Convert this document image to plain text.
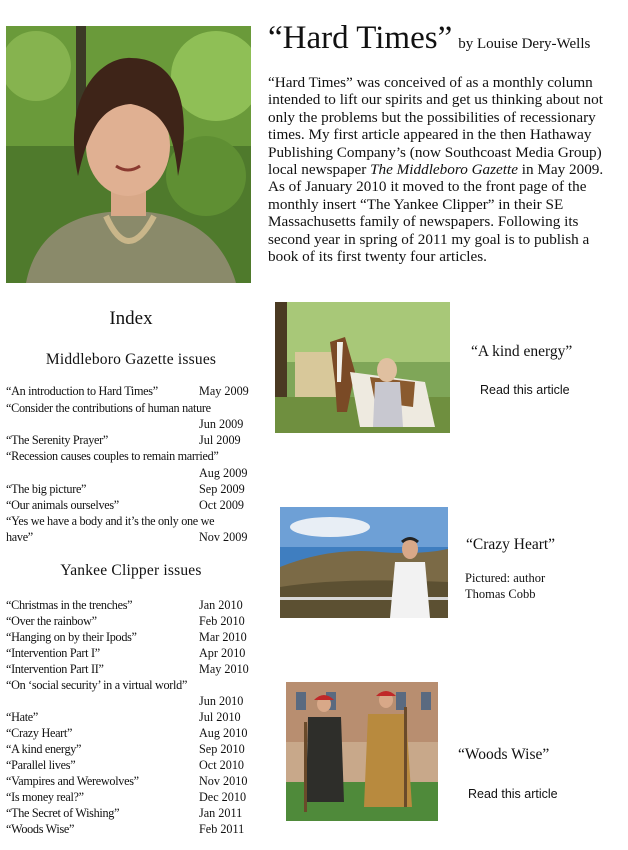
“Hard Times” by Louise Dery-Wells
“Hard Times” was conceived of as a monthly column intended to lift our spirits and get us thinking about not only the problems but the possibilities of recessionary times. My first article appeared in the then Hathaway Publishing Company’s (now Southcoast Media Group) local newspaper The Middleboro Gazette in May 2009. As of January 2010 it moved to the front page of the monthly insert “The Yankee Clipper” in their SE Massachusetts family of newspapers. Following its second year in spring of 2011 my goal is to publish a book of its first twenty four articles.
Index
Middleboro Gazette issues
“An introduction to Hard Times”	May 2009
“Consider the contributions of human nature
Jun 2009
“The Serenity Prayer”	Jul 2009
“Recession causes couples to remain married”
Aug 2009
“The big picture”	Sep 2009
“Our animals ourselves”	Oct 2009
“Yes we have a body and it’s the only one we
have”	Nov 2009
Yankee Clipper issues
“Christmas in the trenches”	Jan 2010
“Over the rainbow”	Feb 2010
“Hanging on by their Ipods”	Mar 2010
“Intervention Part I”	Apr 2010
“Intervention Part II”	May 2010
“On ‘social security’ in a virtual world”
Jun 2010
“Hate”	Jul 2010
“Crazy Heart”	Aug 2010
“A kind energy”	Sep 2010
“Parallel lives”	Oct 2010
“Vampires and Werewolves”	Nov 2010
“Is money real?”	Dec 2010
“The Secret of Wishing”	Jan 2011
“Woods Wise”	Feb 2011
“A kind energy”
Read this article
“Crazy Heart”
Pictured: author
Thomas Cobb
“Woods Wise”
Read this article
